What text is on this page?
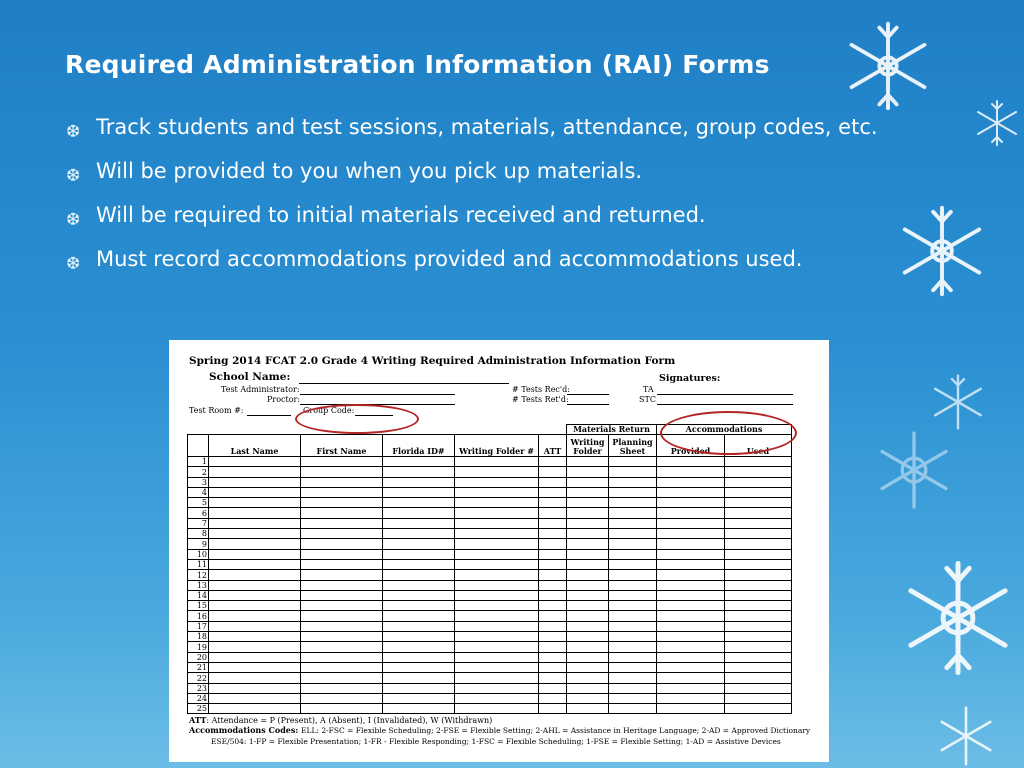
Required Administration Information (RAI) Forms
❆ Track students and test sessions, materials, attendance, group codes, etc.
❆ Will be provided to you when you pick up materials.
❆ Will be required to initial materials received and returned.
❆ Must record accommodations provided and accommodations used.
Spring 2014 FCAT 2.0 Grade 4 Writing Required Administration Information Form
School Name:
Test Administrator:
Proctor:
Test Room #:	Group Code:
# Tests Rec'd:
# Tests Ret'd:
Signatures:
TA
STC
						Materials Return		Accommodations	
	Last Name	First Name	Florida ID#	Writing Folder #	ATT	Writing Folder	Planning Sheet	Provided	Used
1									
2									
3									
4									
5									
6									
7									
8									
9									
10									
11									
12									
13									
14									
15									
16									
17									
18									
19									
20									
21									
22									
23									
24									
25									
ATT: Attendance = P (Present), A (Absent), I (Invalidated), W (Withdrawn)
Accommodations Codes: ELL: 2-FSC = Flexible Scheduling; 2-FSE = Flexible Setting; 2-AHL = Assistance in Heritage Language; 2-AD = Approved Dictionary
ESE/504: 1-FP = Flexible Presentation; 1-FR - Flexible Responding; 1-FSC = Flexible Scheduling; 1-FSE = Flexible Setting; 1-AD = Assistive Devices
